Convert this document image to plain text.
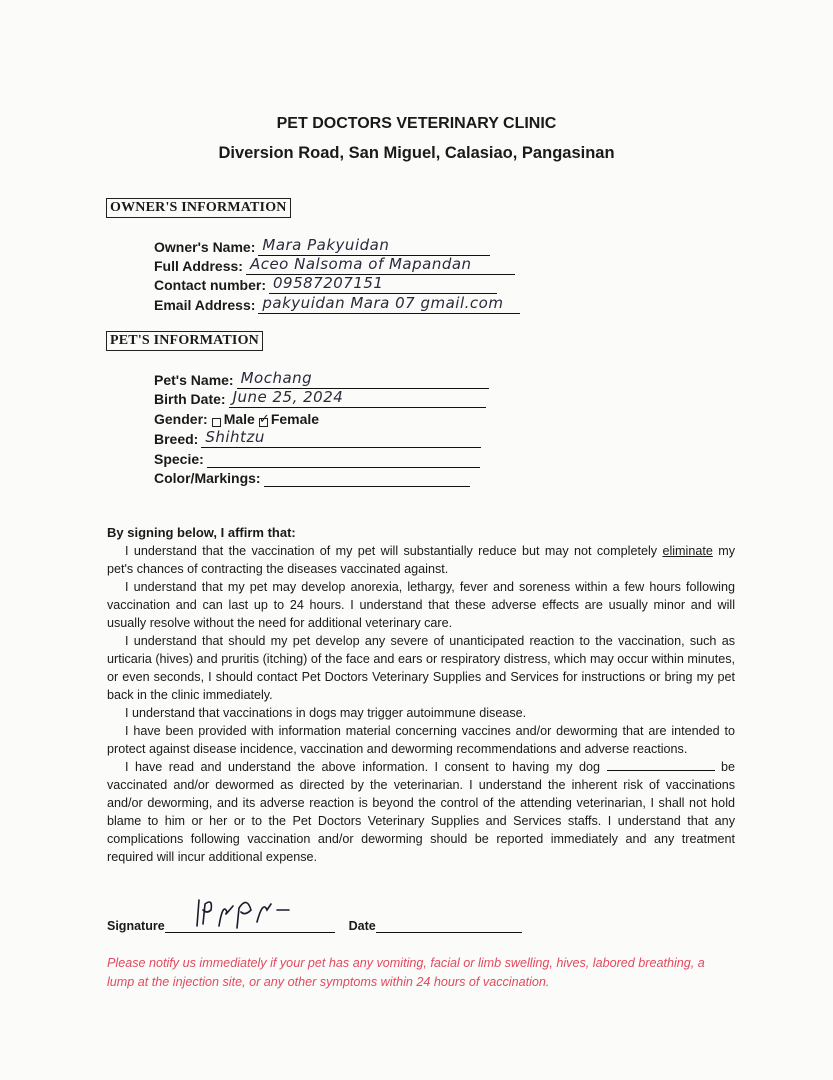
PET DOCTORS VETERINARY CLINIC
Diversion Road, San Miguel, Calasiao, Pangasinan
OWNER'S INFORMATION
Owner's Name: Mara Pakyuidan
Full Address: Aceo Nalsoma of Mapandan
Contact number: 09587207151
Email Address: pakyuidan Mara 07 gmail.com
PET'S INFORMATION
Pet's Name: Mochang
Birth Date: June 25, 2024
Gender: Male ✓ Female
Breed: Shihtzu
Specie:
Color/Markings:
By signing below, I affirm that:

I understand that the vaccination of my pet will substantially reduce but may not completely eliminate my pet's chances of contracting the diseases vaccinated against.

I understand that my pet may develop anorexia, lethargy, fever and soreness within a few hours following vaccination and can last up to 24 hours. I understand that these adverse effects are usually minor and will usually resolve without the need for additional veterinary care.

I understand that should my pet develop any severe of unanticipated reaction to the vaccination, such as urticaria (hives) and pruritis (itching) of the face and ears or respiratory distress, which may occur within minutes, or even seconds, I should contact Pet Doctors Veterinary Supplies and Services for instructions or bring my pet back in the clinic immediately.

I understand that vaccinations in dogs may trigger autoimmune disease.

I have been provided with information material concerning vaccines and/or deworming that are intended to protect against disease incidence, vaccination and deworming recommendations and adverse reactions.

I have read and understand the above information. I consent to having my dog	be vaccinated and/or dewormed as directed by the veterinarian. I understand the inherent risk of vaccinations and/or deworming, and its adverse reaction is beyond the control of the attending veterinarian, I shall not hold blame to him or her or to the Pet Doctors Veterinary Supplies and Services staffs. I understand that any complications following vaccination and/or deworming should be reported immediately and any treatment required will incur additional expense.

Signature	Date
Please notify us immediately if your pet has any vomiting, facial or limb swelling, hives, labored breathing, a lump at the injection site, or any other symptoms within 24 hours of vaccination.
